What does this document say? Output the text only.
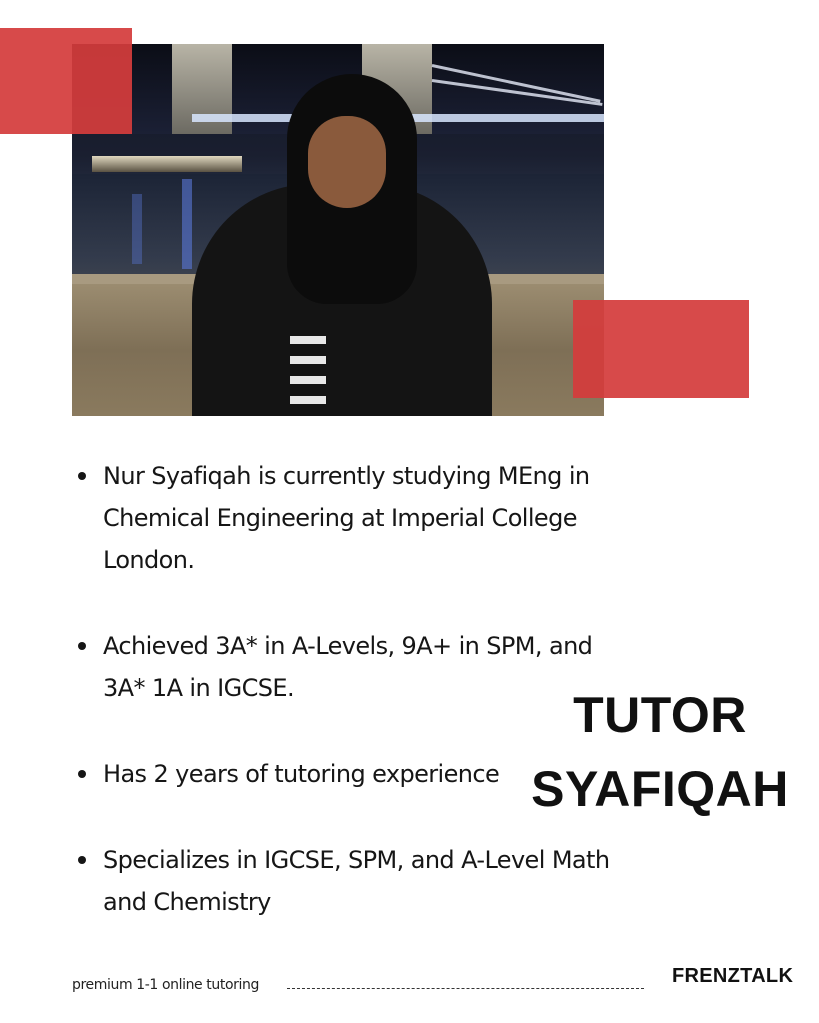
Nur Syafiqah is currently studying MEng in Chemical Engineering at Imperial College London.
Achieved 3A* in A-Levels, 9A+ in SPM, and 3A* 1A in IGCSE.
Has 2 years of tutoring experience
Specializes in IGCSE, SPM, and A-Level Math and Chemistry
TUTOR
SYAFIQAH
premium 1-1 online tutoring	FRENZTALK
